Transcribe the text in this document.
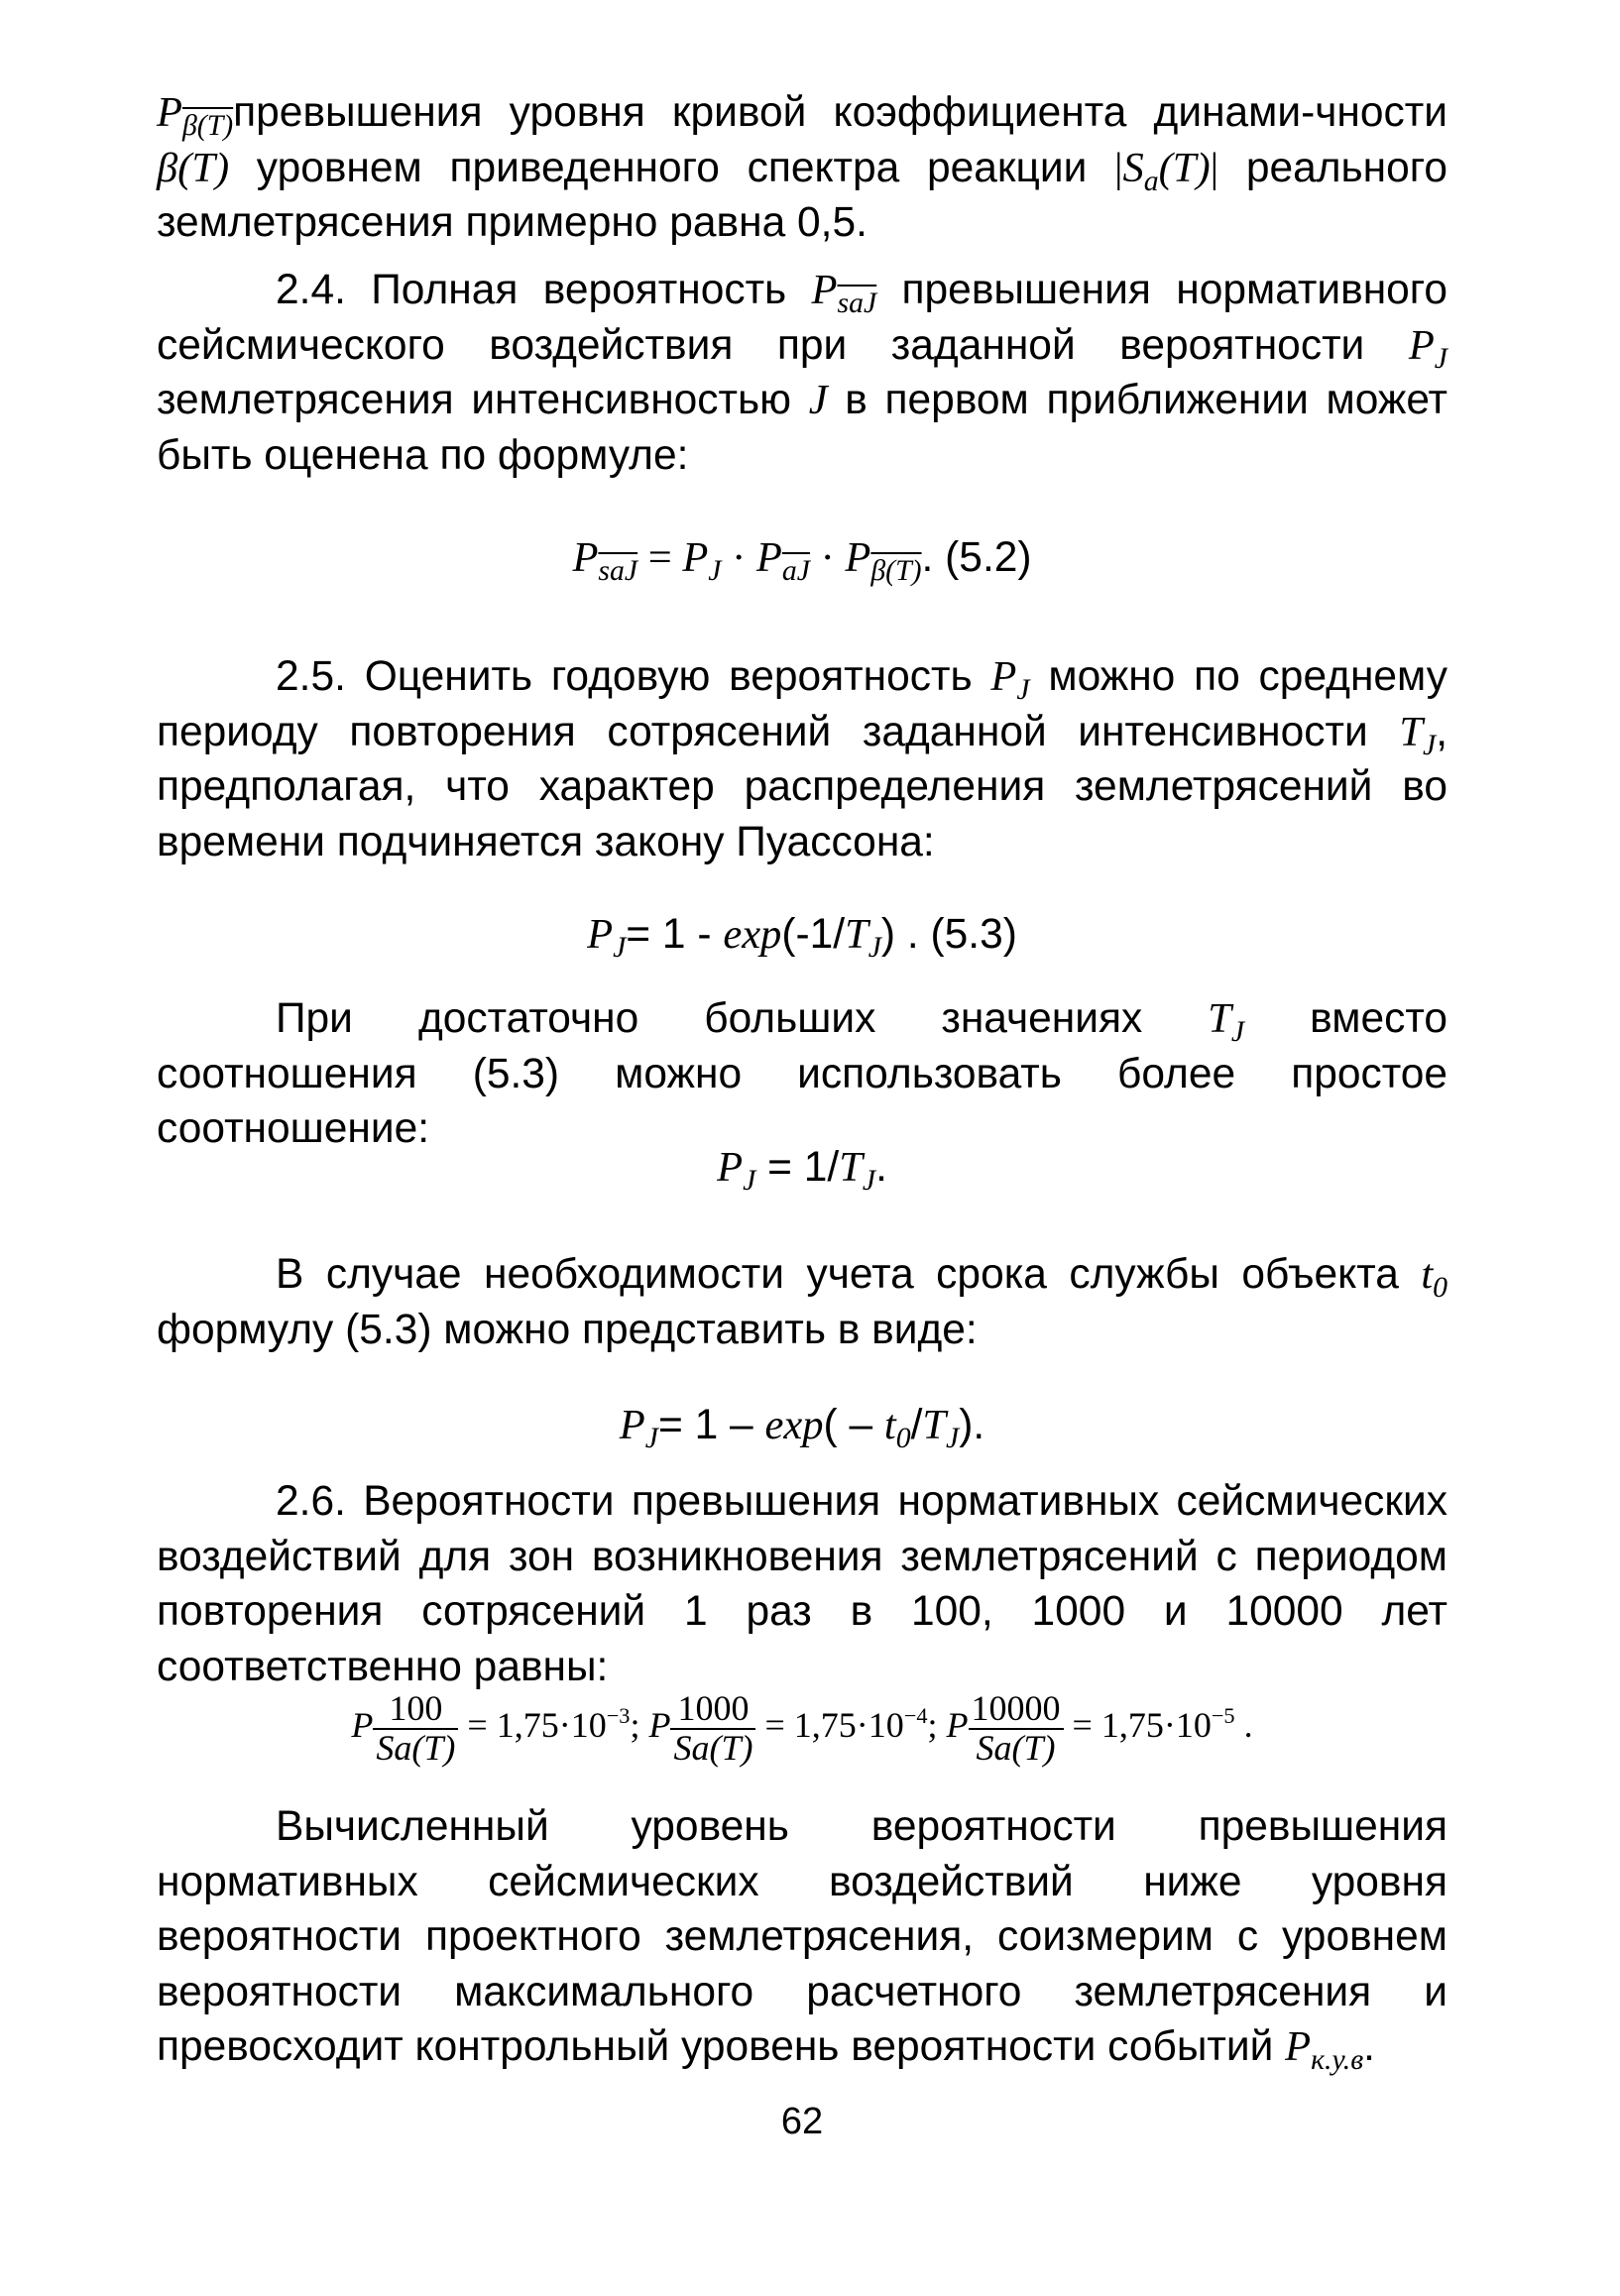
$P_{\beta(T)}превышения$ уровня кривой коэффициента динами-чности β(T) уровнем приведенного спектра реакции $|S_a(T)|$ реального землетрясения примерно равна 0,5.
2.4. Полная вероятность $P_{\overline{saJ}}$ превышения нормативного сейсмического воздействия при заданной вероятности $P_J$ землетрясения интенсивностью J в первом приближении может быть оценена по формуле:
$P_{\overline{saJ}} = P_J \cdot P_{\overline{aJ}} \cdot P_{\beta(T)}$. (5.2)
2.5. Оценить годовую вероятность $P_J$ можно по среднему периоду повторения сотрясений заданной интенсивности $T_J$, предполагая, что характер распределения землетрясений во времени подчиняется закону Пуассона:
$P_J= 1 - \exp(-1/T_J)$ . (5.3)
При достаточно больших значениях $T_J$ вместо соотношения (5.3) можно использовать более простое соотношение:
$P_J = 1/T_J$.
В случае необходимости учета срока службы объекта $t_0$ формулу (5.3) можно представить в виде:
$P_J= 1 - \exp( - t_0/T_J)$.
2.6. Вероятности превышения нормативных сейсмических воздействий для зон возникновения землетрясений с периодом повторения сотрясений 1 раз в 100, 1000 и 10000 лет соответственно равны:
P $\frac{100}{Sa(T)} = 1,75\cdot 10^{-3}$; P $\frac{1000}{Sa(T)} = 1,75\cdot 10^{-4}$; P $\frac{10000}{Sa(T)} = 1,75\cdot 10^{-5}$ .
Вычисленный уровень вероятности превышения нормативных сейсмических воздействий ниже уровня вероятности проектного землетрясения, соизмерим с уровнем вероятности максимального расчетного землетрясения и превосходит контрольный уровень вероятности событий $P_{к.у.в}$.
62
